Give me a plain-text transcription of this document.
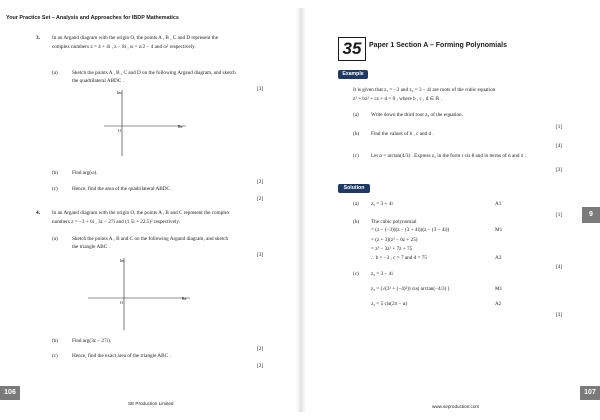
Your Practice Set – Analysis and Approaches for IBDP Mathematics
3. In an Argand diagram with the origin O, the points A , B , C and D represent the
complex numbers z = 4 + 4i , z − 8i , ω = z/2 − 4 and ω² respectively.
(a)	Sketch the points A , B , C and D on the following Argand diagram, and sketch
the quadrilateral ABDC .
[3]
Im
Re
O
(b)	Find arg(ω).
[2]
(c)	Hence, find the area of the quadrilateral ABDC .
[2]
4. In an Argand diagram with the origin O, the points A , B and C represent the complex
numbers z = −3 + 6i , 3z − 27i and (1 5i + 22.5)² respectively.
(a)	Sketch the points A , B and C on the following Argand diagram, and sketch
the triangle ABC .
[3]
Im
Re
O
(b)	Find arg(3z − 27i).
[2]
(c)	Hence, find the exact area of the triangle ABC .
[2]
106
SE Production Limited
35	Paper 1 Section A – Forming Polynomials
Example
It is given that z₁ = −3 and z₂ = 3 − 4i are roots of the cubic equation
z³ + bz² + cz + d = 0 , where b , c , d ∈ ℝ .
(a) Write down the third root z₃ of the equation.
[1]
(b) Find the values of b , c and d .
[4]
(c) Let α = arctan(4/3) . Express z₂ in the form r cis θ and in terms of α and π .
[3]
Solution
(a) z₃ = 3 + 4i	A1
[1]
(b) The cubic polynomial
= (z − (−3))(z − (3 + 4i))(z − (3 − 4i))	M1
= (z + 3)(z² − 6z + 25)
= z³ − 3z² + 7z + 75
∴ b = −3 , c = 7 and d = 75	A3
[4]
(c) z₂ = 3 − 4i
z₂ = (√(3² + (−4)²)) cis( arctan(−4/3) )	M1
z₂ = 5 cis(2π − α)	A2
[3]
9
107
www.seproduction.com
